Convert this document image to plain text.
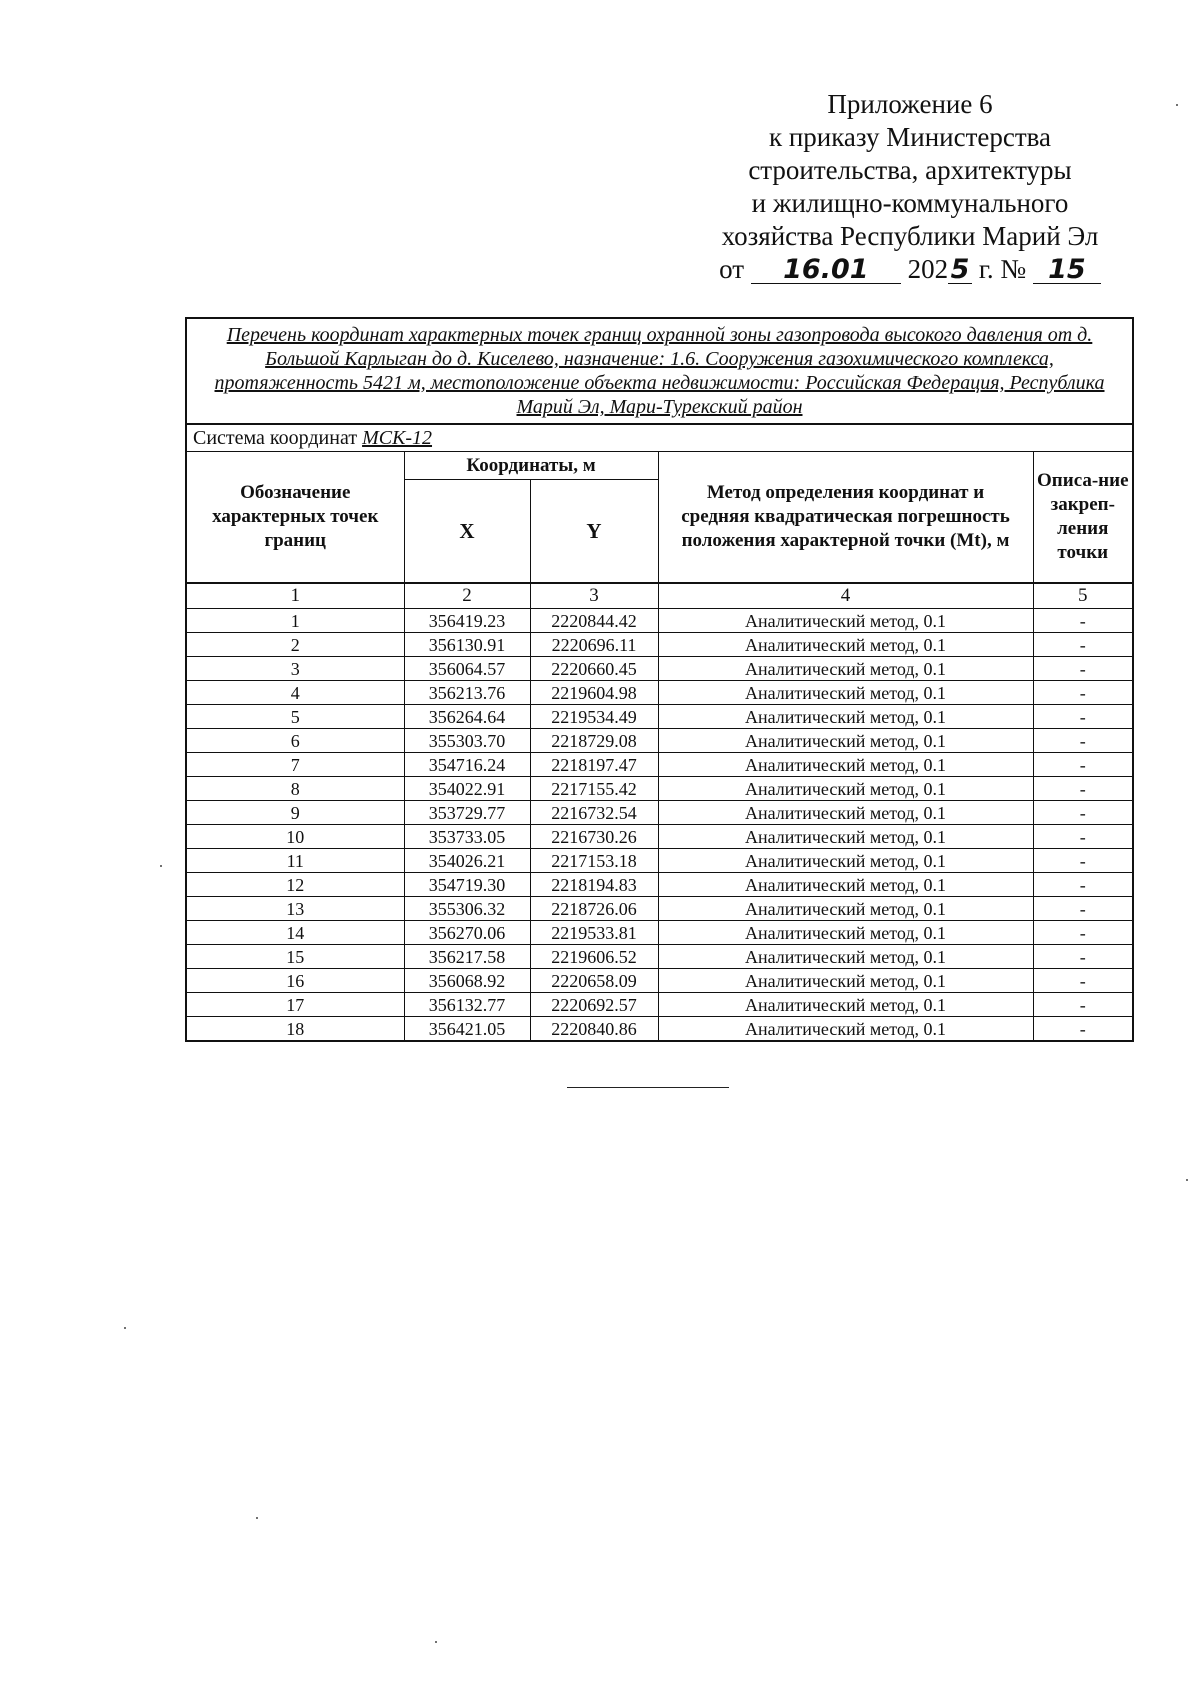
Приложение 6
к приказу Министерства
строительства, архитектуры
и жилищно-коммунального
хозяйства Республики Марий Эл
от 16.01 2025 г. № 15
Перечень координат характерных точек границ охранной зоны газопровода высокого давления от д. Большой Карлыган до д. Киселево, назначение: 1.6. Сооружения газохимического комплекса, протяженность 5421 м, местоположение объекта недвижимости: Российская Федерация, Республика Марий Эл, Мари-Турекский район				
Система координат МСК-12				
Обозначение характерных точек границ	Координаты, м		Метод определения координат и средняя квадратическая погрешность положения характерной точки (Mt), м	Описа-ние закреп-ления точки
	X	Y		
1	2	3	4	5
1	356419.23	2220844.42	Аналитический метод, 0.1	-
2	356130.91	2220696.11	Аналитический метод, 0.1	-
3	356064.57	2220660.45	Аналитический метод, 0.1	-
4	356213.76	2219604.98	Аналитический метод, 0.1	-
5	356264.64	2219534.49	Аналитический метод, 0.1	-
6	355303.70	2218729.08	Аналитический метод, 0.1	-
7	354716.24	2218197.47	Аналитический метод, 0.1	-
8	354022.91	2217155.42	Аналитический метод, 0.1	-
9	353729.77	2216732.54	Аналитический метод, 0.1	-
10	353733.05	2216730.26	Аналитический метод, 0.1	-
11	354026.21	2217153.18	Аналитический метод, 0.1	-
12	354719.30	2218194.83	Аналитический метод, 0.1	-
13	355306.32	2218726.06	Аналитический метод, 0.1	-
14	356270.06	2219533.81	Аналитический метод, 0.1	-
15	356217.58	2219606.52	Аналитический метод, 0.1	-
16	356068.92	2220658.09	Аналитический метод, 0.1	-
17	356132.77	2220692.57	Аналитический метод, 0.1	-
18	356421.05	2220840.86	Аналитический метод, 0.1	-
